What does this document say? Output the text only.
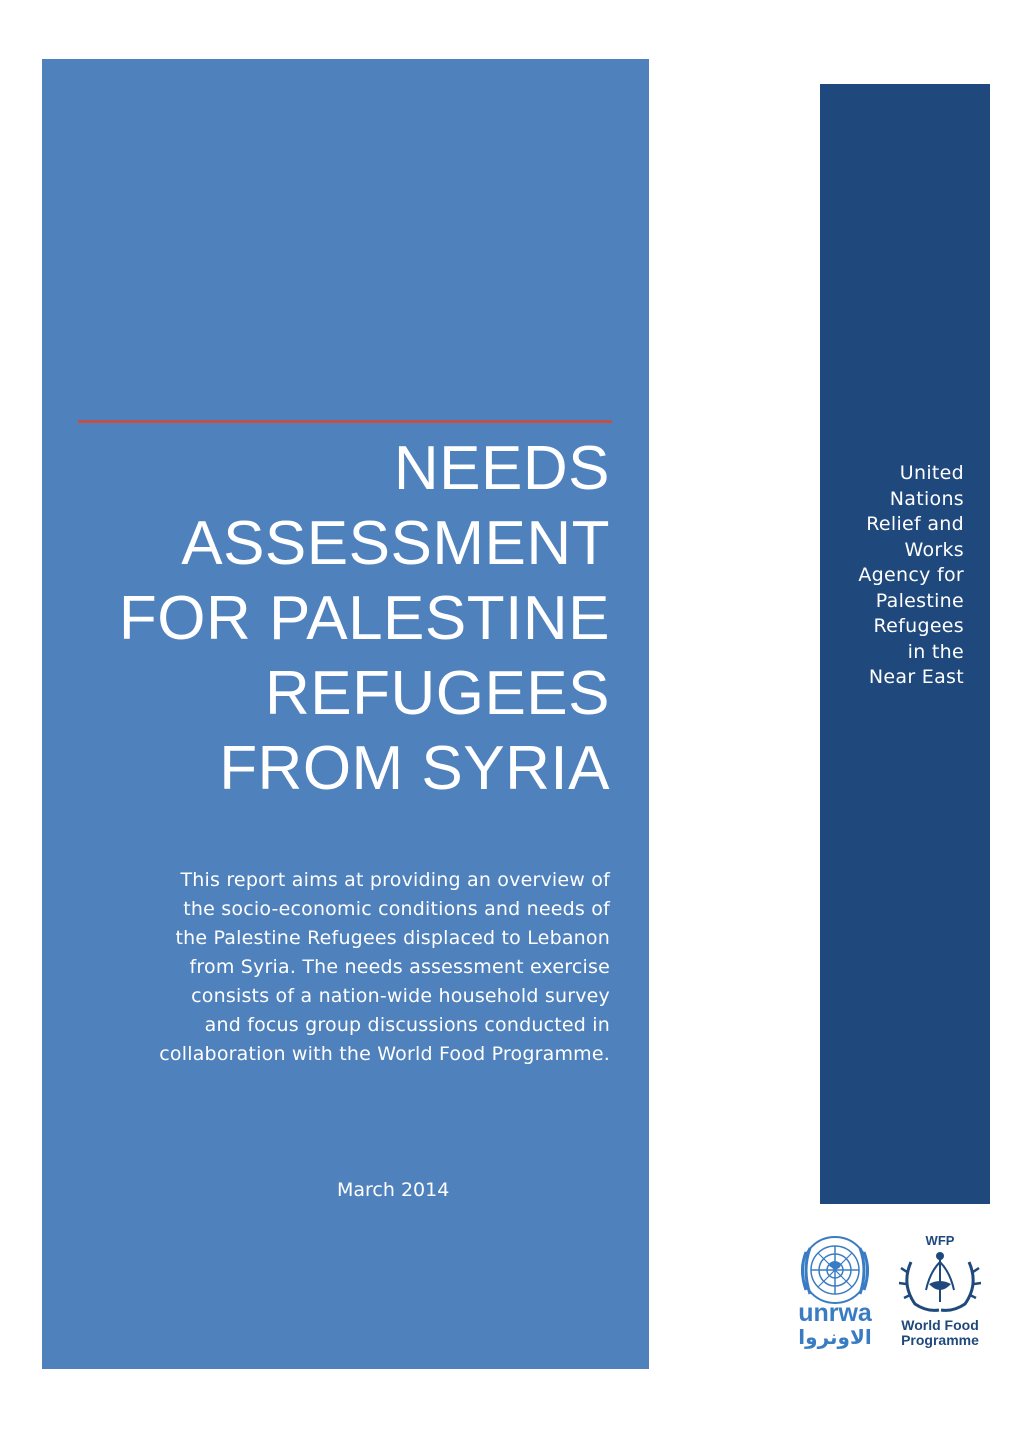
NEEDS
ASSESSMENT
FOR PALESTINE
REFUGEES
FROM SYRIA
This report aims at providing an overview of
the socio-economic conditions and needs of
the Palestine Refugees displaced to Lebanon
from Syria. The needs assessment exercise
consists of a nation-wide household survey
and focus group discussions conducted in
collaboration with the World Food Programme.
March 2014
United
Nations
Relief and
Works
Agency for
Palestine
Refugees
in the
Near East
unrwa
الاونروا
WFP
World Food
Programme
